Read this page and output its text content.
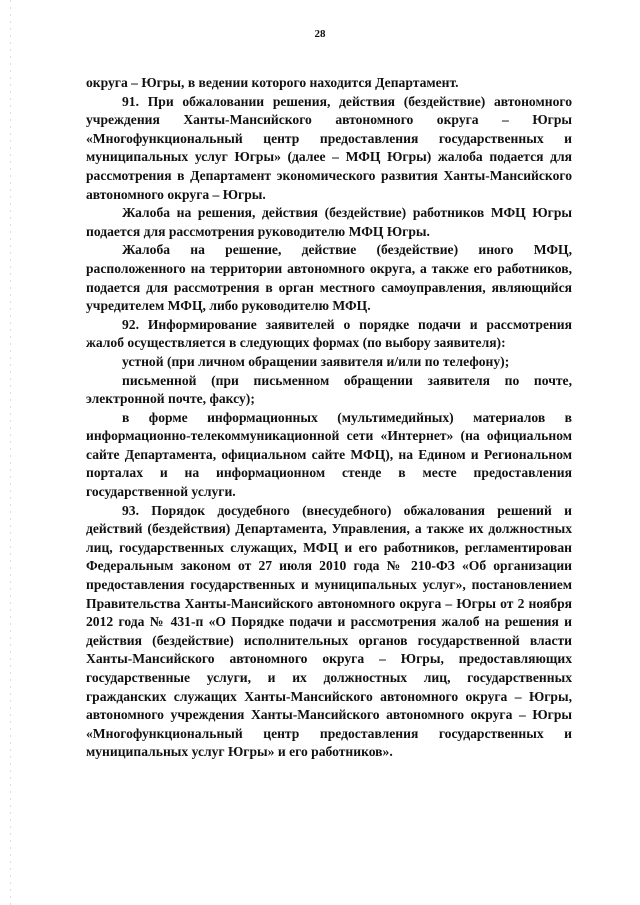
28

округа – Югры, в ведении которого находится Департамент.

91. При обжаловании решения, действия (бездействие) автономного учреждения Ханты-Мансийского автономного округа – Югры «Многофункциональный центр предоставления государственных и муниципальных услуг Югры» (далее – МФЦ Югры) жалоба подается для рассмотрения в Департамент экономического развития Ханты-Мансийского автономного округа – Югры.

Жалоба на решения, действия (бездействие) работников МФЦ Югры подается для рассмотрения руководителю МФЦ Югры.

Жалоба на решение, действие (бездействие) иного МФЦ, расположенного на территории автономного округа, а также его работников, подается для рассмотрения в орган местного самоуправления, являющийся учредителем МФЦ, либо руководителю МФЦ.

92. Информирование заявителей о порядке подачи и рассмотрения жалоб осуществляется в следующих формах (по выбору заявителя):

устной (при личном обращении заявителя и/или по телефону);

письменной (при письменном обращении заявителя по почте, электронной почте, факсу);

в форме информационных (мультимедийных) материалов в информационно-телекоммуникационной сети «Интернет» (на официальном сайте Департамента, официальном сайте МФЦ), на Едином и Региональном порталах и на информационном стенде в месте предоставления государственной услуги.

93. Порядок досудебного (внесудебного) обжалования решений и действий (бездействия) Департамента, Управления, а также их должностных лиц, государственных служащих, МФЦ и его работников, регламентирован Федеральным законом от 27 июля 2010 года № 210-ФЗ «Об организации предоставления государственных и муниципальных услуг», постановлением Правительства Ханты-Мансийского автономного округа – Югры от 2 ноября 2012 года № 431-п «О Порядке подачи и рассмотрения жалоб на решения и действия (бездействие) исполнительных органов государственной власти Ханты-Мансийского автономного округа – Югры, предоставляющих государственные услуги, и их должностных лиц, государственных гражданских служащих Ханты-Мансийского автономного округа – Югры, автономного учреждения Ханты-Мансийского автономного округа – Югры «Многофункциональный центр предоставления государственных и муниципальных услуг Югры» и его работников».
